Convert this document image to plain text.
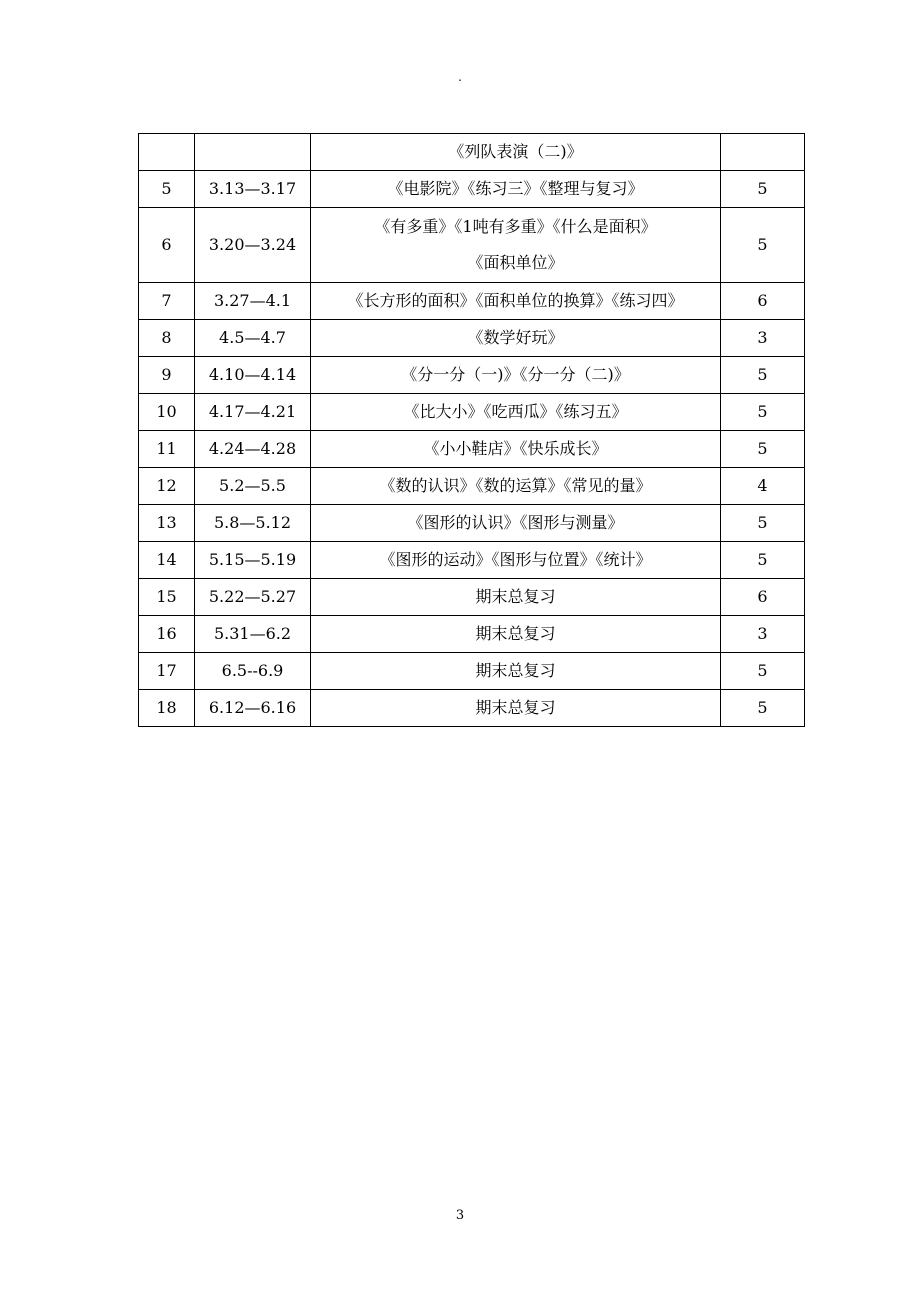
.

		《列队表演（二)》	

5	3.13—3.17	《电影院》《练习三》《整理与复习》	5
6	3.20—3.24	《有多重》《1吨有多重》《什么是面积》
《面积单位》	5
7	3.27—4.1	《长方形的面积》《面积单位的换算》《练习四》	6
8	4.5—4.7	《数学好玩》	3
9	4.10—4.14	《分一分（一)》《分一分（二)》	5
10	4.17—4.21	《比大小》《吃西瓜》《练习五》	5
11	4.24—4.28	《小小鞋店》《快乐成长》	5
12	5.2—5.5	《数的认识》《数的运算》《常见的量》	4
13	5.8—5.12	《图形的认识》《图形与测量》	5
14	5.15—5.19	《图形的运动》《图形与位置》《统计》	5
15	5.22—5.27	期末总复习	6
16	5.31—6.2	期末总复习	3
17	6.5--6.9	期末总复习	5
18	6.12—6.16	期末总复习	5
3
